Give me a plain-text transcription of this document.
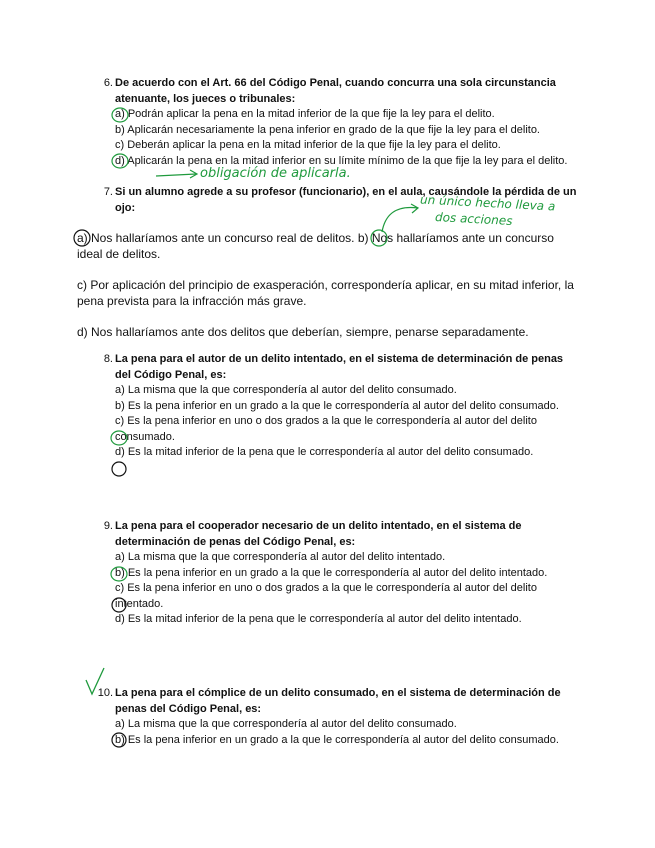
6. De acuerdo con el Art. 66 del Código Penal, cuando concurra una sola circunstancia atenuante, los jueces o tribunales:
a) Podrán aplicar la pena en la mitad inferior de la que fije la ley para el delito.
b) Aplicarán necesariamente la pena inferior en grado de la que fije la ley para el delito.
c) Deberán aplicar la pena en la mitad inferior de la que fije la ley para el delito.
d) Aplicarán la pena en la mitad inferior en su límite mínimo de la que fije la ley para el delito.
obligación de aplicarla.
7. Si un alumno agrede a su profesor (funcionario), en el aula, causándole la pérdida de un ojo:	un único hecho lleva a
dos acciones
a) Nos hallaríamos ante un concurso real de delitos. b) Nos hallaríamos ante un concurso ideal de delitos.
c) Por aplicación del principio de exasperación, correspondería aplicar, en su mitad inferior, la pena prevista para la infracción más grave.
d) Nos hallaríamos ante dos delitos que deberían, siempre, penarse separadamente.
8. La pena para el autor de un delito intentado, en el sistema de determinación de penas del Código Penal, es:
a) La misma que la que correspondería al autor del delito consumado.
b) Es la pena inferior en un grado a la que le correspondería al autor del delito consumado.
c) Es la pena inferior en uno o dos grados a la que le correspondería al autor del delito consumado.
d) Es la mitad inferior de la pena que le correspondería al autor del delito consumado.
9. La pena para el cooperador necesario de un delito intentado, en el sistema de determinación de penas del Código Penal, es:
a) La misma que la que correspondería al autor del delito intentado.
b) Es la pena inferior en un grado a la que le correspondería al autor del delito intentado.
c) Es la pena inferior en uno o dos grados a la que le correspondería al autor del delito intentado.
d) Es la mitad inferior de la pena que le correspondería al autor del delito intentado.
10. La pena para el cómplice de un delito consumado, en el sistema de determinación de penas del Código Penal, es:
a) La misma que la que correspondería al autor del delito consumado.
b) Es la pena inferior en un grado a la que le correspondería al autor del delito consumado.
